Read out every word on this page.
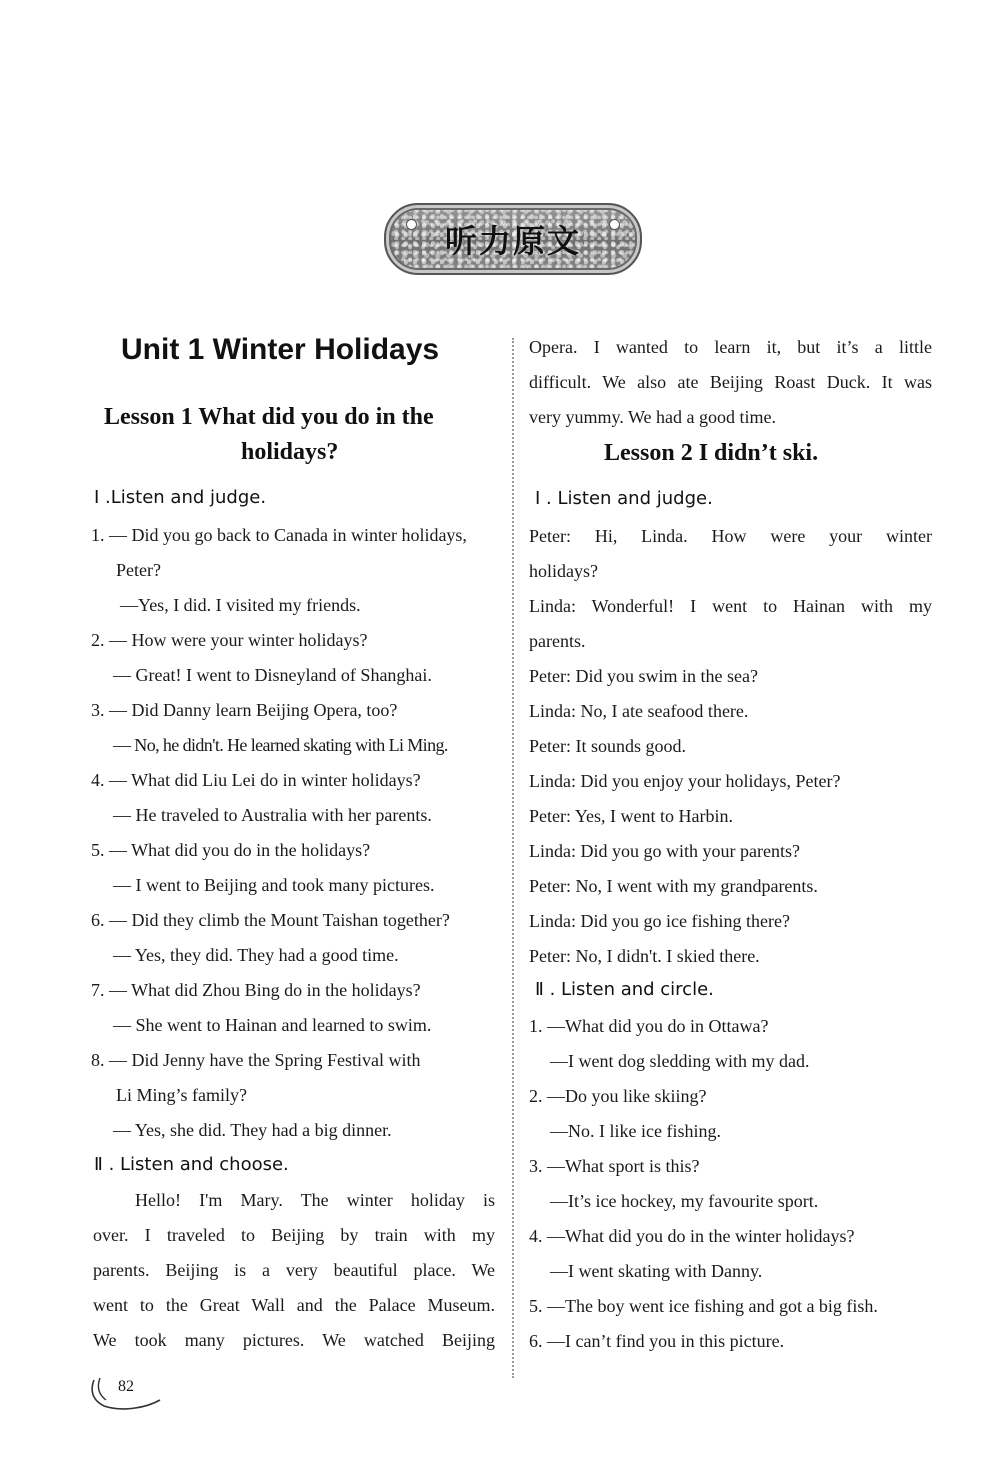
听力原文
Unit 1 Winter Holidays
Lesson 1 What did you do in the
holidays?
Ⅰ .Listen and judge.
1. — Did you go back to Canada in winter holidays,
Peter?
—Yes, I did. I visited my friends.
2. — How were your winter holidays?
— Great! I went to Disneyland of Shanghai.
3. — Did Danny learn Beijing Opera, too?
— No, he didn't. He learned skating with Li Ming.
4. — What did Liu Lei do in winter holidays?
— He traveled to Australia with her parents.
5. — What did you do in the holidays?
— I went to Beijing and took many pictures.
6. — Did they climb the Mount Taishan together?
— Yes, they did. They had a good time.
7. — What did Zhou Bing do in the holidays?
— She went to Hainan and learned to swim.
8. — Did Jenny have the Spring Festival with
Li Ming’s family?
— Yes, she did. They had a big dinner.
Ⅱ . Listen and choose.
Hello! I'm Mary. The winter holiday is
over. I traveled to Beijing by train with my
parents. Beijing is a very beautiful place. We
went to the Great Wall and the Palace Museum.
We took many pictures. We watched Beijing
Opera. I wanted to learn it, but it’s a little
difficult. We also ate Beijing Roast Duck. It was
very yummy. We had a good time.
Lesson 2 I didn’t ski.
Ⅰ . Listen and judge.
Peter: Hi, Linda. How were your winter
holidays?
Linda: Wonderful! I went to Hainan with my
parents.
Peter: Did you swim in the sea?
Linda: No, I ate seafood there.
Peter: It sounds good.
Linda: Did you enjoy your holidays, Peter?
Peter: Yes, I went to Harbin.
Linda: Did you go with your parents?
Peter: No, I went with my grandparents.
Linda: Did you go ice fishing there?
Peter: No, I didn't. I skied there.
Ⅱ . Listen and circle.
1. —What did you do in Ottawa?
—I went dog sledding with my dad.
2. —Do you like skiing?
—No. I like ice fishing.
3. —What sport is this?
—It’s ice hockey, my favourite sport.
4. —What did you do in the winter holidays?
—I went skating with Danny.
5. —The boy went ice fishing and got a big fish.
6. —I can’t find you in this picture.
82
